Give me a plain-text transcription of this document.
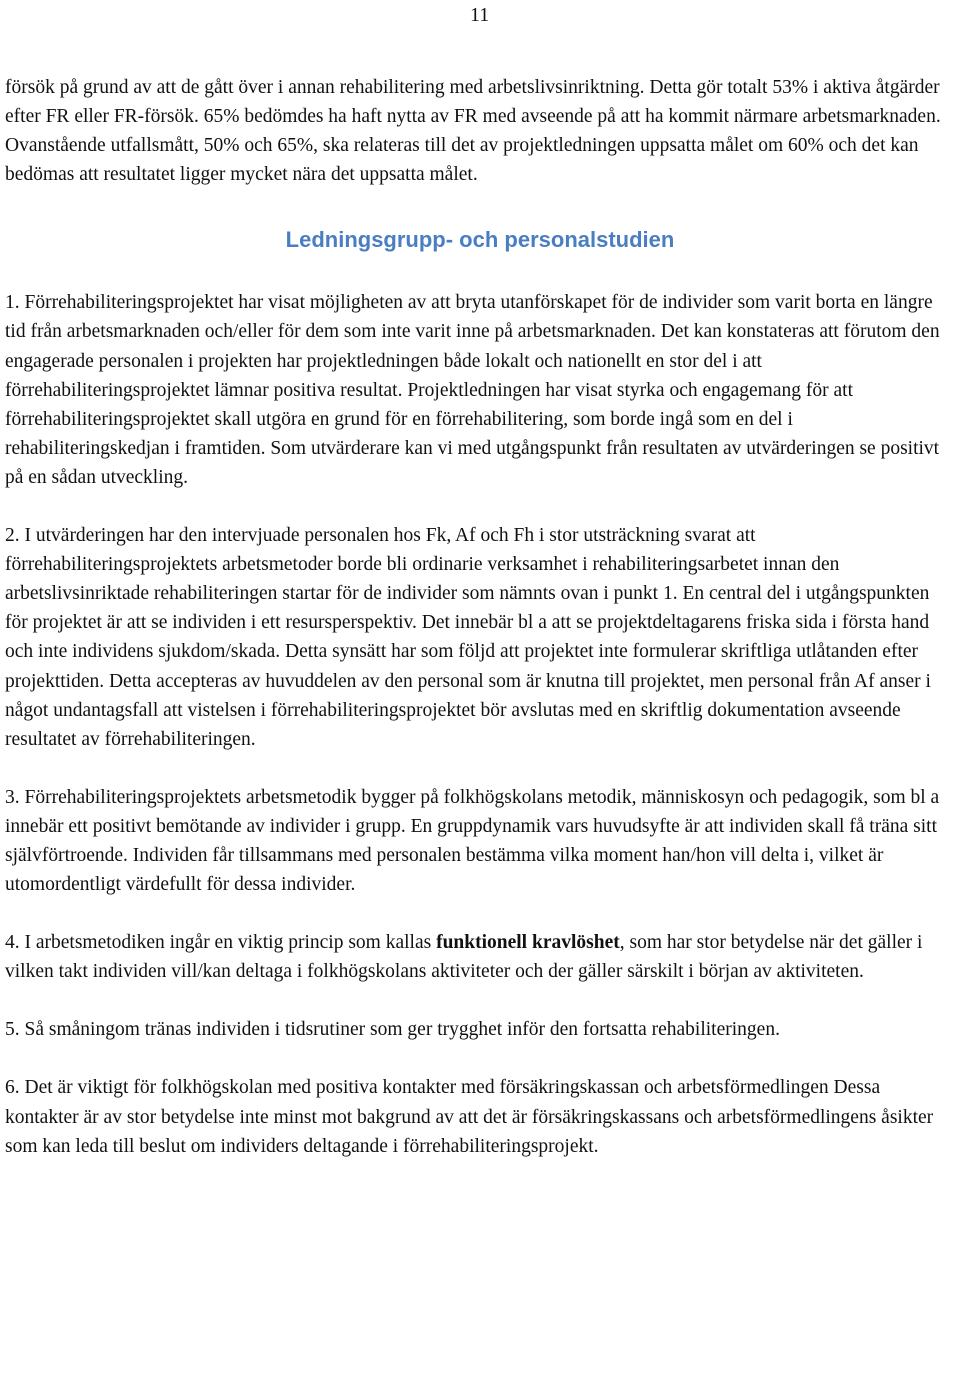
11

försök på grund av att de gått över i annan rehabilitering med arbetslivsinriktning. Detta gör totalt 53% i aktiva åtgärder efter FR eller FR-försök. 65% bedömdes ha haft nytta av FR med avseende på att ha kommit närmare arbetsmarknaden. Ovanstående utfallsmått, 50% och 65%, ska relateras till det av projektledningen uppsatta målet om 60% och det kan bedömas att resultatet ligger mycket nära det uppsatta målet.

Ledningsgrupp- och personalstudien

1. Förrehabiliteringsprojektet har visat möjligheten av att bryta utanförskapet för de individer som varit borta en längre tid från arbetsmarknaden och/eller för dem som inte varit inne på arbetsmarknaden. Det kan konstateras att förutom den engagerade personalen i projekten har projektledningen både lokalt och nationellt en stor del i att förrehabiliteringsprojektet lämnar positiva resultat. Projektledningen har visat styrka och engagemang för att förrehabiliteringsprojektet skall utgöra en grund för en förrehabilitering, som borde ingå som en del i rehabiliteringskedjan i framtiden. Som utvärderare kan vi med utgångspunkt från resultaten av utvärderingen se positivt på en sådan utveckling.

2. I utvärderingen har den intervjuade personalen hos Fk, Af och Fh i stor utsträckning svarat att förrehabiliteringsprojektets arbetsmetoder borde bli ordinarie verksamhet i rehabiliteringsarbetet innan den arbetslivsinriktade rehabiliteringen startar för de individer som nämnts ovan i punkt 1. En central del i utgångspunkten för projektet är att se individen i ett resursperspektiv. Det innebär bl a att se projektdeltagarens friska sida i första hand och inte individens sjukdom/skada. Detta synsätt har som följd att projektet inte formulerar skriftliga utlåtanden efter projekttiden. Detta accepteras av huvuddelen av den personal som är knutna till projektet, men personal från Af anser i något undantagsfall att vistelsen i förrehabiliteringsprojektet bör avslutas med en skriftlig dokumentation avseende resultatet av förrehabiliteringen.

3. Förrehabiliteringsprojektets arbetsmetodik bygger på folkhögskolans metodik, människosyn och pedagogik, som bl a innebär ett positivt bemötande av individer i grupp. En gruppdynamik vars huvudsyfte är att individen skall få träna sitt självförtroende. Individen får tillsammans med personalen bestämma vilka moment han/hon vill delta i, vilket är utomordentligt värdefullt för dessa individer.

4. I arbetsmetodiken ingår en viktig princip som kallas funktionell kravlöshet, som har stor betydelse när det gäller i vilken takt individen vill/kan deltaga i folkhögskolans aktiviteter och der gäller särskilt i början av aktiviteten.

5. Så småningom tränas individen i tidsrutiner som ger trygghet inför den fortsatta rehabiliteringen.

6. Det är viktigt för folkhögskolan med positiva kontakter med försäkringskassan och arbetsförmedlingen Dessa kontakter är av stor betydelse inte minst mot bakgrund av att det är försäkringskassans och arbetsförmedlingens åsikter som kan leda till beslut om individers deltagande i förrehabiliteringsprojekt.
